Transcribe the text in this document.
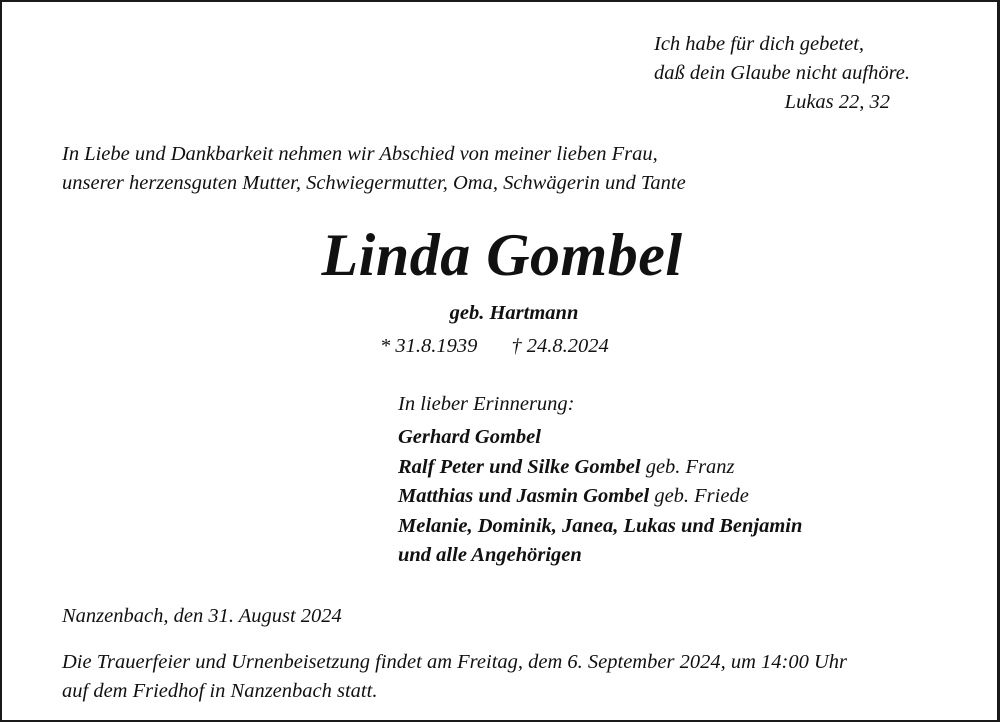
Ich habe für dich gebetet,
daß dein Glaube nicht aufhöre.
Lukas 22, 32
In Liebe und Dankbarkeit nehmen wir Abschied von meiner lieben Frau,
unserer herzensguten Mutter, Schwiegermutter, Oma, Schwägerin und Tante
Linda Gombel
geb. Hartmann
* 31.8.1939 † 24.8.2024
In lieber Erinnerung:
Gerhard Gombel
Ralf Peter und Silke Gombel geb. Franz
Matthias und Jasmin Gombel geb. Friede
Melanie, Dominik, Janea, Lukas und Benjamin
und alle Angehörigen
Nanzenbach, den 31. August 2024
Die Trauerfeier und Urnenbeisetzung findet am Freitag, dem 6. September 2024, um 14:00 Uhr
auf dem Friedhof in Nanzenbach statt.
